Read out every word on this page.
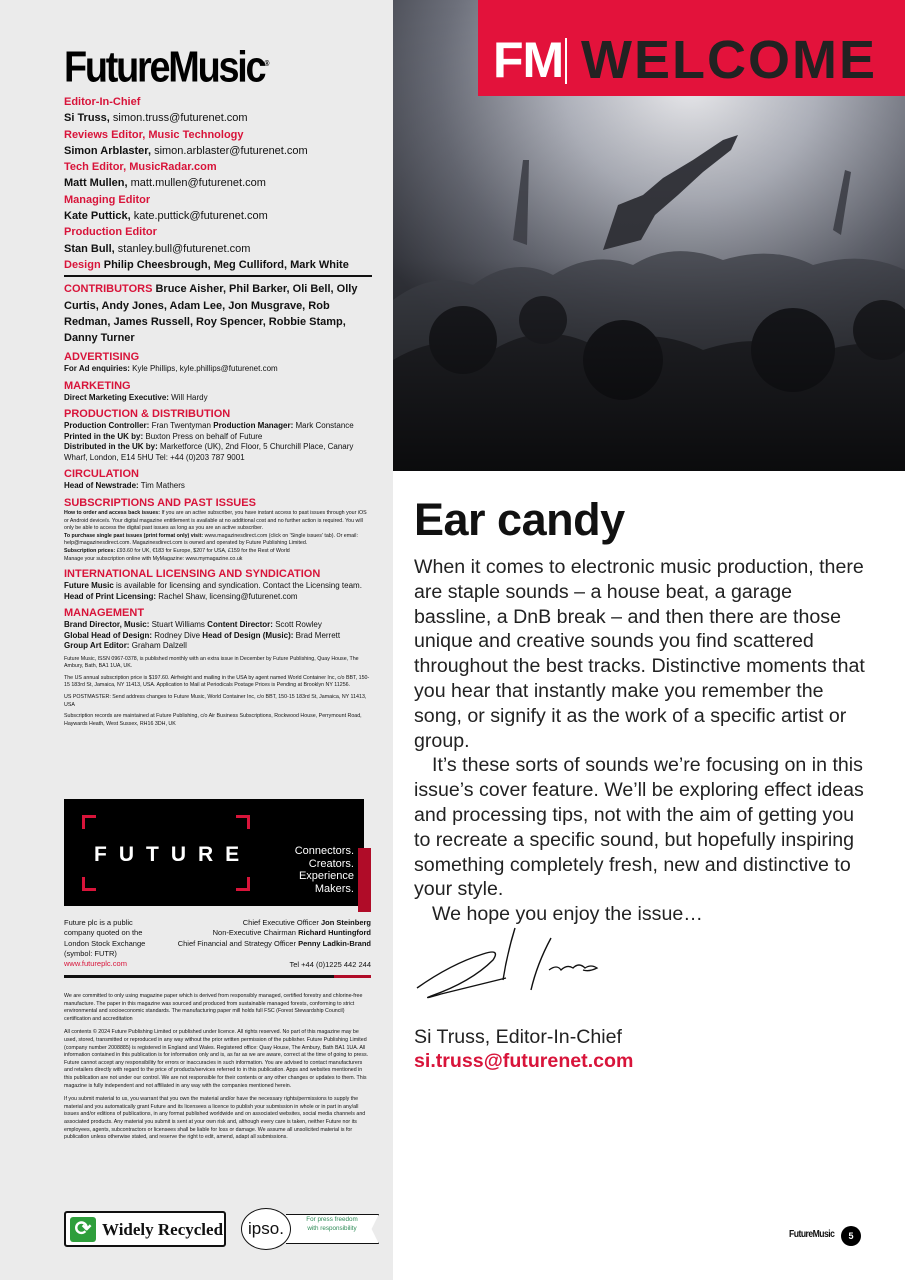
FutureMusic®
Editor-In-Chief
Si Truss, simon.truss@futurenet.com
Reviews Editor, Music Technology
Simon Arblaster, simon.arblaster@futurenet.com
Tech Editor, MusicRadar.com
Matt Mullen, matt.mullen@futurenet.com
Managing Editor
Kate Puttick, kate.puttick@futurenet.com
Production Editor
Stan Bull, stanley.bull@futurenet.com
Design Philip Cheesbrough, Meg Culliford, Mark White
CONTRIBUTORS Bruce Aisher, Phil Barker, Oli Bell, Olly Curtis, Andy Jones, Adam Lee, Jon Musgrave, Rob Redman, James Russell, Roy Spencer, Robbie Stamp, Danny Turner
ADVERTISING
For Ad enquiries: Kyle Phillips, kyle.phillips@futurenet.com
MARKETING
Direct Marketing Executive: Will Hardy
PRODUCTION & DISTRIBUTION
Production Controller: Fran Twentyman Production Manager: Mark Constance
Printed in the UK by: Buxton Press on behalf of Future
Distributed in the UK by: Marketforce (UK), 2nd Floor, 5 Churchill Place, Canary Wharf, London, E14 5HU Tel: +44 (0)203 787 9001
CIRCULATION
Head of Newstrade: Tim Mathers
SUBSCRIPTIONS AND PAST ISSUES
How to order and access back issues: If you are an active subscriber, you have instant access to past issues through your iOS or Android device/s. Your digital magazine entitlement is available at no additional cost and no further action is required. You will only be able to access the digital past issues as long as you are an active subscriber.
To purchase single past issues (print format only) visit: www.magazinesdirect.com (click on 'Single issues' tab). Or email: help@magazinesdirect.com. Magazinesdirect.com is owned and operated by Future Publishing Limited.
Subscription prices: £93.60 for UK, €183 for Europe, $207 for USA, £159 for the Rest of World
Manage your subscription online with MyMagazine: www.mymagazine.co.uk
INTERNATIONAL LICENSING AND SYNDICATION
Future Music is available for licensing and syndication. Contact the Licensing team. Head of Print Licensing: Rachel Shaw, licensing@futurenet.com
MANAGEMENT
Brand Director, Music: Stuart Williams Content Director: Scott Rowley
Global Head of Design: Rodney Dive Head of Design (Music): Brad Merrett
Group Art Editor: Graham Dalzell
Future Music, ISSN 0967-0378, is published monthly with an extra issue in December by Future Publishing, Quay House, The Ambury, Bath, BA1 1UA, UK.
The US annual subscription price is $197.60. Airfreight and mailing in the USA by agent named World Container Inc, c/o BBT, 150-15 183rd St, Jamaica, NY 11413, USA. Application to Mail at Periodicals Postage Prices is Pending at Brooklyn NY 11256.
US POSTMASTER: Send address changes to Future Music, World Container Inc, c/o BBT, 150-15 183rd St, Jamaica, NY 11413, USA
Subscription records are maintained at Future Publishing, c/o Air Business Subscriptions, Rockwood House, Perrymount Road, Haywards Heath, West Sussex, RH16 3DH, UK
FUTURE	Connectors.
Creators.
Experience
Makers.
Future plc is a public company quoted on the London Stock Exchange (symbol: FUTR)
www.futureplc.com
Chief Executive Officer Jon Steinberg
Non-Executive Chairman Richard Huntingford
Chief Financial and Strategy Officer Penny Ladkin-Brand
Tel +44 (0)1225 442 244

We are committed to only using magazine paper which is derived from responsibly managed, certified forestry and chlorine-free manufacture. The paper in this magazine was sourced and produced from sustainable managed forests, conforming to strict environmental and socioeconomic standards. The manufacturing paper mill holds full FSC (Forest Stewardship Council) certification and accreditation

All contents © 2024 Future Publishing Limited or published under licence. All rights reserved. No part of this magazine may be used, stored, transmitted or reproduced in any way without the prior written permission of the publisher. Future Publishing Limited (company number 2008885) is registered in England and Wales. Registered office: Quay House, The Ambury, Bath BA1 1UA. All information contained in this publication is for information only and is, as far as we are aware, correct at the time of going to press. Future cannot accept any responsibility for errors or inaccuracies in such information. You are advised to contact manufacturers and retailers directly with regard to the price of products/services referred to in this publication. Apps and websites mentioned in this publication are not under our control. We are not responsible for their contents or any other changes or updates to them. This magazine is fully independent and not affiliated in any way with the companies mentioned herein.

If you submit material to us, you warrant that you own the material and/or have the necessary rights/permissions to supply the material and you automatically grant Future and its licensees a licence to publish your submission in whole or in part in any/all issues and/or editions of publications, in any format published worldwide and on associated websites, social media channels and associated products. Any material you submit is sent at your own risk and, although every care is taken, neither Future nor its employees, agents, subcontractors or licensees shall be liable for loss or damage. We assume all unsolicited material is for publication unless otherwise stated, and reserve the right to edit, amend, adapt all submissions.

⟳ Widely Recycled	ipso.	For press freedom with responsibility
FM WELCOME
Ear candy

When it comes to electronic music production, there are staple sounds – a house beat, a garage bassline, a DnB break – and then there are those unique and creative sounds you find scattered throughout the best tracks. Distinctive moments that you hear that instantly make you remember the song, or signify it as the work of a specific artist or group.

It’s these sorts of sounds we’re focusing on in this issue’s cover feature. We’ll be exploring effect ideas and processing tips, not with the aim of getting you to recreate a specific sound, but hopefully inspiring something completely fresh, new and distinctive to your style.

We hope you enjoy the issue…

Si Truss, Editor-In-Chief
si.truss@futurenet.com
FutureMusic	5
